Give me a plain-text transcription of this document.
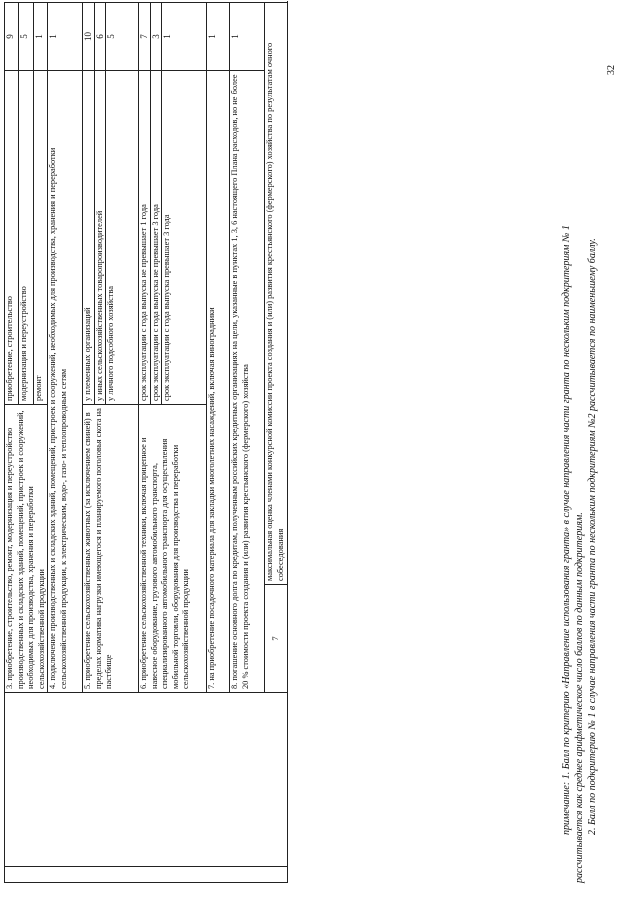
		3. приобретение, строительство, ремонт, модернизация и переустройство производственных и складских зданий, помещений, пристроек и сооружений, необходимых для производства, хранения и переработки сельскохозяйственной продукции		приобретение, строительство	9	
				модернизация и переустройство	5	
				ремонт	1	
		4. подключение производственных и складских зданий, помещений, пристроек и сооружений, необходимых для производства, хранения и переработки сельскохозяйственной продукции, к электрическим, водо-, газо- и теплопроводным сетям			1	
		5. приобретение сельскохозяйственных животных (за исключением свиней) в пределах норматива нагрузки имеющегося и планируемого поголовья скота на пастбище		у племенных организаций	10	
				у иных сельскохозяйственных товаропроизводителей	6	
				у личного подсобного хозяйства	5	
		6. приобретение сельскохозяйственной техники, включая прицепное и навесное оборудование, грузового автомобильного транспорта, специализированного автомобильного транспорта для осуществления мобильной торговли, оборудования для производства и переработки сельскохозяйственной продукции		срок эксплуатации с года выпуска не превышает 1 года	7	
				срок эксплуатации с года выпуска не превышает 3 года	3	
				срок эксплуатации с года выпуска превышает 3 года	1	
		7. на приобретение посадочного материала для закладки многолетних насаждений, включая виноградники			1	
		8. погашение основного долга по кредитам, полученным российских кредитных организациях на цели, указанные в пунктах 1, 3, 6 настоящего Плана расходов, но не более 20 % стоимости проекта создания и (или) развития крестьянского (фермерского) хозяйства			1	
		7	максимальная оценка членами конкурсной комиссии проекта создания и (или) развития крестьянского (фермерского) хозяйства по результатам очного собеседования		примечание: 1. Балл по критерию «Направление использования гранта» в случае направления части гранта по нескольким подкритериям № 1 рассчитывается как среднее арифметическое число баллов по данным подкритериям. 2. Балл по подкритерию № 1 в случае направления части гранта по нескольким подкритериям №2 рассчитывается по наименьшему баллу.

32
